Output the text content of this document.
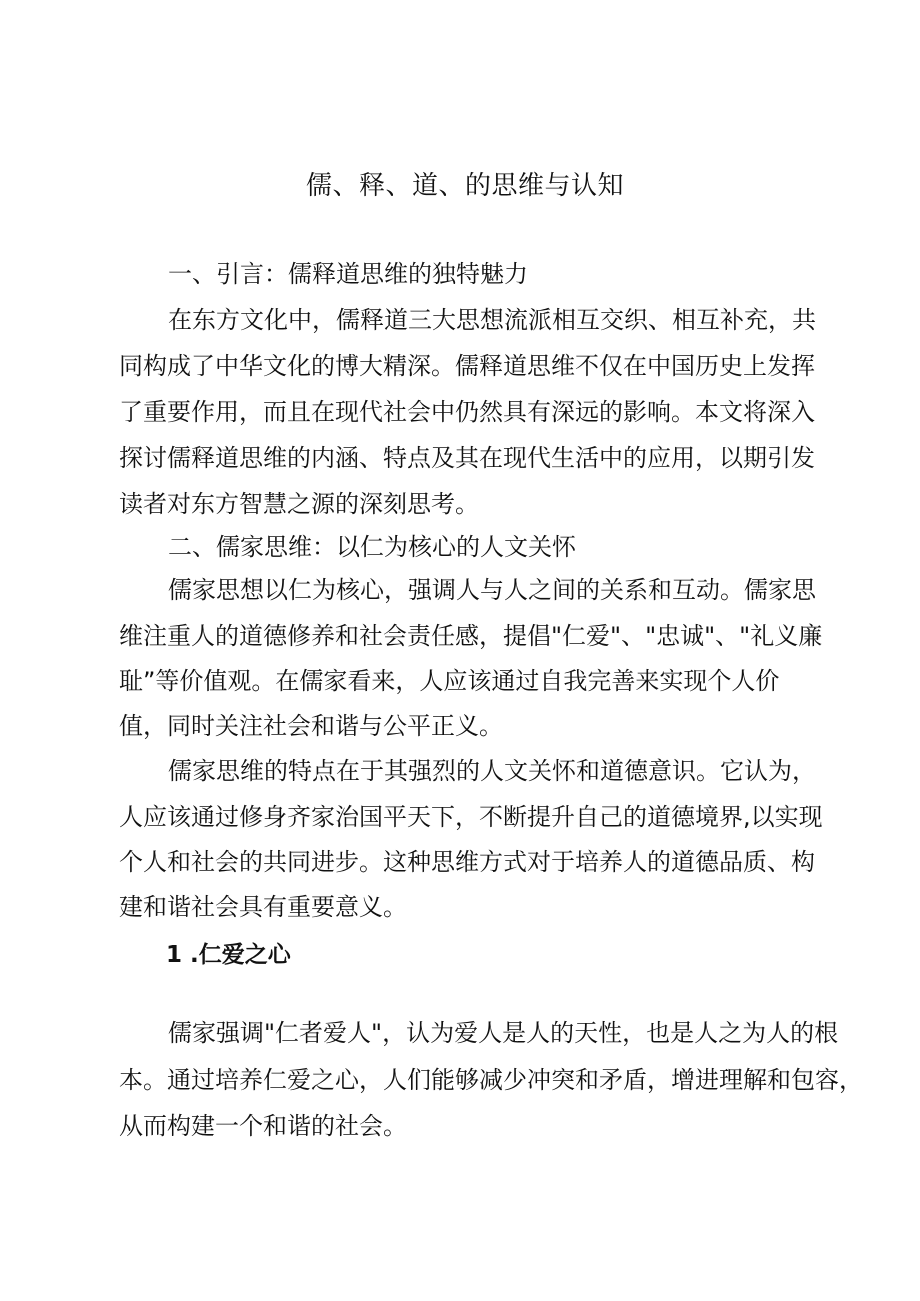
儒、释、道、的思维与认知
一、引言：儒释道思维的独特魅力
在东方文化中，儒释道三大思想流派相互交织、相互补充，共
同构成了中华文化的博大精深。儒释道思维不仅在中国历史上发挥
了重要作用，而且在现代社会中仍然具有深远的影响。本文将深入
探讨儒释道思维的内涵、特点及其在现代生活中的应用，以期引发
读者对东方智慧之源的深刻思考。
二、儒家思维：以仁为核心的人文关怀
儒家思想以仁为核心，强调人与人之间的关系和互动。儒家思
维注重人的道德修养和社会责任感，提倡"仁爱"、"忠诚"、"礼义廉
耻”等价值观。在儒家看来，人应该通过自我完善来实现个人价
值，同时关注社会和谐与公平正义。
儒家思维的特点在于其强烈的人文关怀和道德意识。它认为，
人应该通过修身齐家治国平天下，不断提升自己的道德境界,以实现
个人和社会的共同进步。这种思维方式对于培养人的道德品质、构
建和谐社会具有重要意义。
1 .仁爱之心
儒家强调"仁者爱人"，认为爱人是人的天性，也是人之为人的根
本。通过培养仁爱之心，人们能够减少冲突和矛盾，增进理解和包容，
从而构建一个和谐的社会。
